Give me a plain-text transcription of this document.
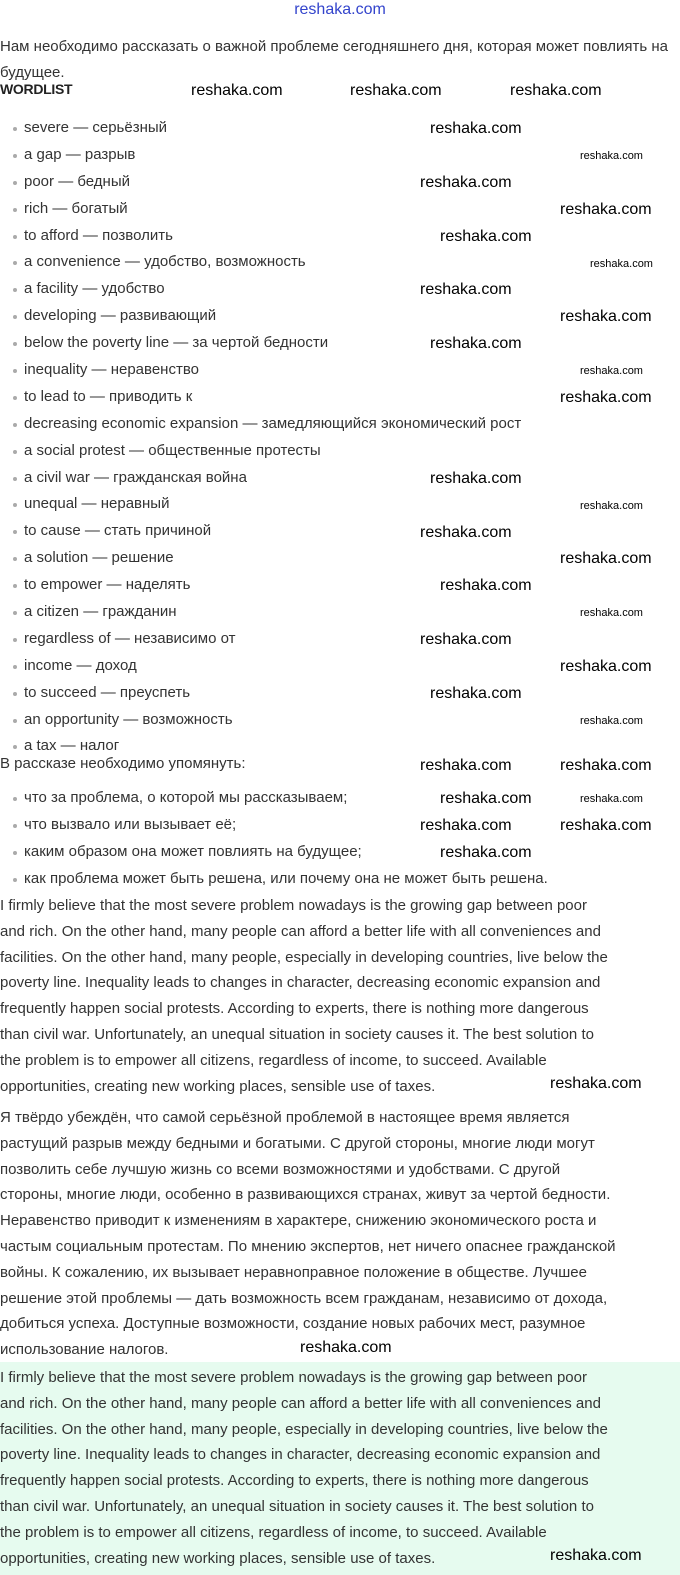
reshaka.com
Нам необходимо рассказать о важной проблеме сегодняшнего дня, которая может повлиять на будущее.
WORDLIST
severe — серьёзный
a gap — разрыв
poor — бедный
rich — богатый
to afford — позволить
a convenience — удобство, возможность
a facility — удобство
developing — развивающий
below the poverty line — за чертой бедности
inequality — неравенство
to lead to — приводить к
decreasing economic expansion — замедляющийся экономический рост
a social protest — общественные протесты
a civil war — гражданская война
unequal — неравный
to cause — стать причиной
a solution — решение
to empower — наделять
a citizen — гражданин
regardless of — независимо от
income — доход
to succeed — преуспеть
an opportunity — возможность
a tax — налог
В рассказе необходимо упомянуть:
что за проблема, о которой мы рассказываем;
что вызвало или вызывает её;
каким образом она может повлиять на будущее;
как проблема может быть решена, или почему она не может быть решена.
I firmly believe that the most severe problem nowadays is the growing gap between poor
and rich. On the other hand, many people can afford a better life with all conveniences and
facilities. On the other hand, many people, especially in developing countries, live below the
poverty line. Inequality leads to changes in character, decreasing economic expansion and
frequently happen social protests. According to experts, there is nothing more dangerous
than civil war. Unfortunately, an unequal situation in society causes it. The best solution to
the problem is to empower all citizens, regardless of income, to succeed. Available
opportunities, creating new working places, sensible use of taxes.
Я твёрдо убеждён, что самой серьёзной проблемой в настоящее время является
растущий разрыв между бедными и богатыми. С другой стороны, многие люди могут
позволить себе лучшую жизнь со всеми возможностями и удобствами. С другой
стороны, многие люди, особенно в развивающихся странах, живут за чертой бедности.
Неравенство приводит к изменениям в характере, снижению экономического роста и
частым социальным протестам. По мнению экспертов, нет ничего опаснее гражданской
войны. К сожалению, их вызывает неравноправное положение в обществе. Лучшее
решение этой проблемы — дать возможность всем гражданам, независимо от дохода,
добиться успеха. Доступные возможности, создание новых рабочих мест, разумное
использование налогов.
I firmly believe that the most severe problem nowadays is the growing gap between poor
and rich. On the other hand, many people can afford a better life with all conveniences and
facilities. On the other hand, many people, especially in developing countries, live below the
poverty line. Inequality leads to changes in character, decreasing economic expansion and
frequently happen social protests. According to experts, there is nothing more dangerous
than civil war. Unfortunately, an unequal situation in society causes it. The best solution to
the problem is to empower all citizens, regardless of income, to succeed. Available
opportunities, creating new working places, sensible use of taxes.
reshaka.com	reshaka.com	reshaka.com
reshaka.com
reshaka.com
reshaka.com
reshaka.com
reshaka.com
reshaka.com
reshaka.com
reshaka.com
reshaka.com
reshaka.com
reshaka.com
reshaka.com
reshaka.com
reshaka.com
reshaka.com
reshaka.com
reshaka.com
reshaka.com
reshaka.com
reshaka.com
reshaka.com
reshaka.com	reshaka.com
reshaka.com	reshaka.com
reshaka.com	reshaka.com
reshaka.com
reshaka.com
reshaka.com
reshaka.com
